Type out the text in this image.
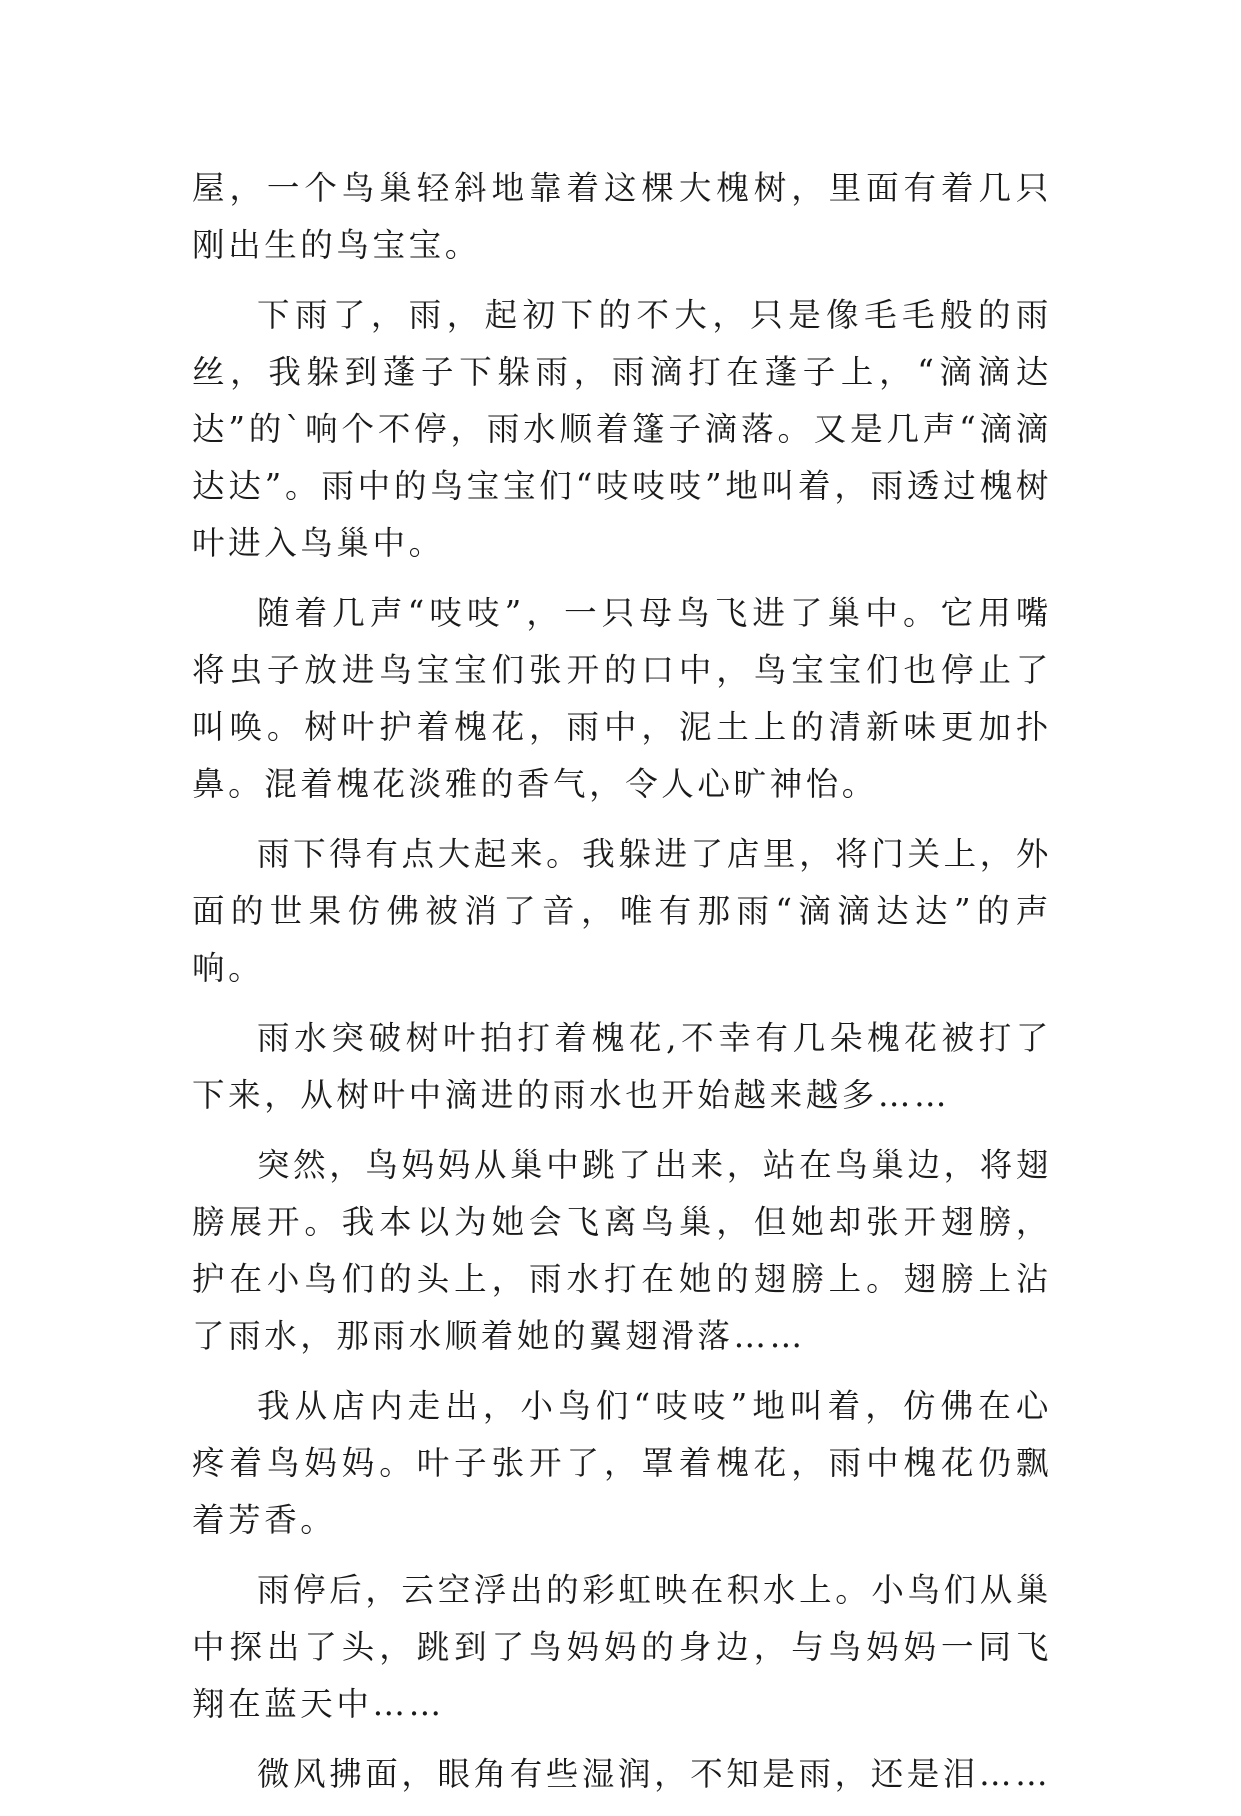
屋，一个鸟巢轻斜地靠着这棵大槐树，里面有着几只刚出生的鸟宝宝。

下雨了，雨，起初下的不大，只是像毛毛般的雨丝，我躲到蓬子下躲雨，雨滴打在蓬子上，“滴滴达达”的`响个不停，雨水顺着篷子滴落。又是几声“滴滴达达”。雨中的鸟宝宝们“吱吱吱”地叫着，雨透过槐树叶进入鸟巢中。

随着几声“吱吱”，一只母鸟飞进了巢中。它用嘴将虫子放进鸟宝宝们张开的口中，鸟宝宝们也停止了叫唤。树叶护着槐花，雨中，泥土上的清新味更加扑鼻。混着槐花淡雅的香气，令人心旷神怡。

雨下得有点大起来。我躲进了店里，将门关上，外面的世果仿佛被消了音，唯有那雨“滴滴达达”的声响。

雨水突破树叶拍打着槐花,不幸有几朵槐花被打了下来，从树叶中滴进的雨水也开始越来越多……

突然，鸟妈妈从巢中跳了出来，站在鸟巢边，将翅膀展开。我本以为她会飞离鸟巢，但她却张开翅膀，护在小鸟们的头上，雨水打在她的翅膀上。翅膀上沾了雨水，那雨水顺着她的翼翅滑落……

我从店内走出，小鸟们“吱吱”地叫着，仿佛在心疼着鸟妈妈。叶子张开了，罩着槐花，雨中槐花仍飘着芳香。

雨停后，云空浮出的彩虹映在积水上。小鸟们从巢中探出了头，跳到了鸟妈妈的身边，与鸟妈妈一同飞翔在蓝天中……

微风拂面，眼角有些湿润，不知是雨，还是泪……
